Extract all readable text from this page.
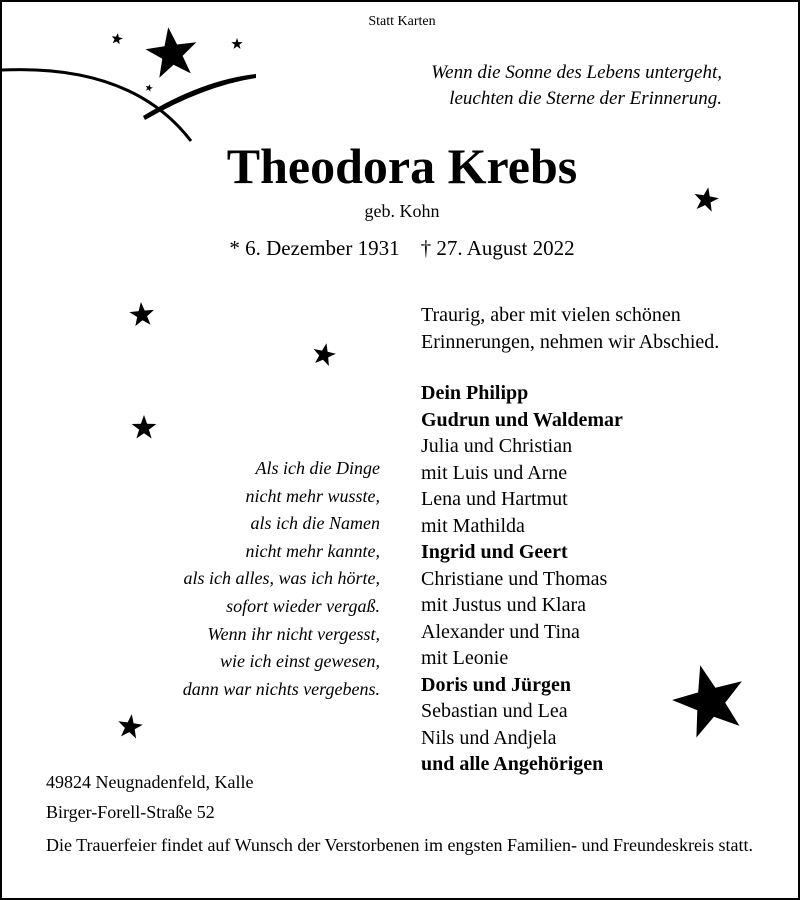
Statt Karten
Wenn die Sonne des Lebens untergeht,
leuchten die Sterne der Erinnerung.
Theodora Krebs
geb. Kohn
* 6. Dezember 1931    † 27. August 2022
Traurig, aber mit vielen schönen
Erinnerungen, nehmen wir Abschied.
Dein Philipp
Gudrun und Waldemar
Julia und Christian
mit Luis und Arne
Lena und Hartmut
mit Mathilda
Ingrid und Geert
Christiane und Thomas
mit Justus und Klara
Alexander und Tina
mit Leonie
Doris und Jürgen
Sebastian und Lea
Nils und Andjela
und alle Angehörigen
Als ich die Dinge
nicht mehr wusste,
als ich die Namen
nicht mehr kannte,
als ich alles, was ich hörte,
sofort wieder vergaß.
Wenn ihr nicht vergesst,
wie ich einst gewesen,
dann war nichts vergebens.
49824 Neugnadenfeld, Kalle
Birger-Forell-Straße 52
Die Trauerfeier findet auf Wunsch der Verstorbenen im engsten Familien- und Freundeskreis statt.
